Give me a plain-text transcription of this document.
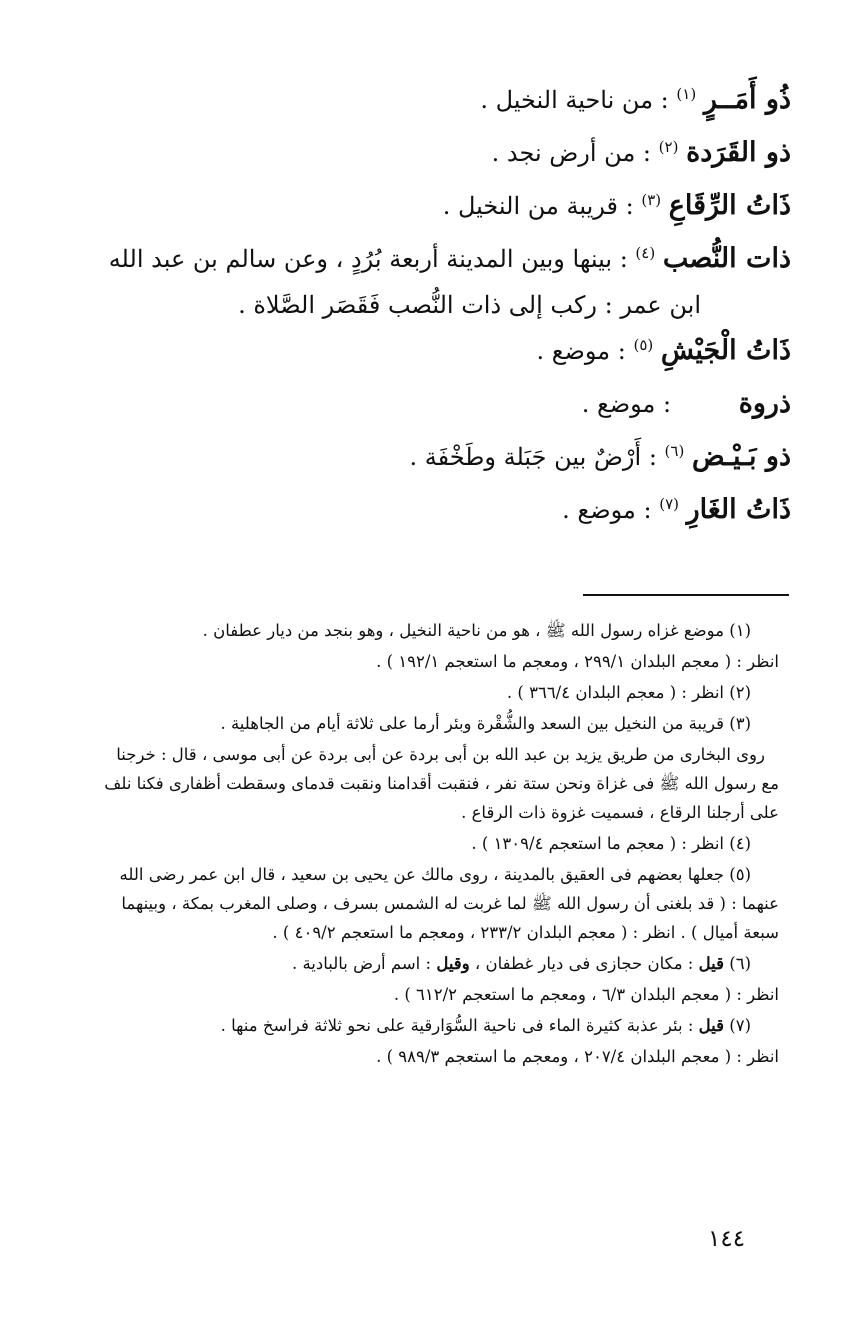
ذُو أَمَــرٍ $^{(١)}$ : من ناحية النخيل .
ذو القَرَدة $^{(٢)}$ : من أرض نجد .
ذَاتُ الرِّقَاعِ $^{(٣)}$ : قريبة من النخيل .
ذات النُّصب $^{(٤)}$ : بينها وبين المدينة أربعة بُرُدٍ ، وعن سالم بن عبد الله
ابن عمر : ركب إلى ذات النُّصب فَقَصَر الصَّلاة .
ذَاتُ الْجَيْشِ $^{(٥)}$ : موضع .
ذروة : موضع .
ذو بَـيْـض $^{(٦)}$ : أَرْضٌ بين جَبَلة وطَخْفَة .
ذَاتُ الغَارِ $^{(٧)}$ : موضع .
(١) موضع غزاه رسول الله ﷺ ، هو من ناحية النخيل ، وهو بنجد من ديار عطفان .
انظر : ( معجم البلدان ٢٩٩/١ ، ومعجم ما استعجم ١٩٢/١ ) .
(٢) انظر : ( معجم البلدان ٣٦٦/٤ ) .
(٣) قريبة من النخيل بين السعد والشُّقْرة وبئر أرما على ثلاثة أيام من الجاهلية .
روى البخارى من طريق يزيد بن عبد الله بن أبى بردة عن أبى بردة عن أبى موسى ، قال : خرجنا
مع رسول الله ﷺ فى غزاة ونحن ستة نفر ، فنقبت أقدامنا ونقبت قدماى وسقطت أظفارى فكنا نلف
على أرجلنا الرقاع ، فسميت غزوة ذات الرقاع .
(٤) انظر : ( معجم ما استعجم ١٣٠٩/٤ ) .
(٥) جعلها بعضهم فى العقيق بالمدينة ، روى مالك عن يحيى بن سعيد ، قال ابن عمر رضى الله
عنهما : ( قد بلغنى أن رسول الله ﷺ لما غربت له الشمس بسرف ، وصلى المغرب بمكة ، وبينهما
سبعة أميال ) . انظر : ( معجم البلدان ٢٣٣/٢ ، ومعجم ما استعجم ٤٠٩/٢ ) .
(٦) قيل : مكان حجازى فى ديار غطفان ، وقيل : اسم أرض بالبادية .
انظر : ( معجم البلدان ٦/٣ ، ومعجم ما استعجم ٦١٢/٢ ) .
(٧) قيل : بئر عذبة كثيرة الماء فى ناحية السُّوَارقية على نحو ثلاثة فراسخ منها .
انظر : ( معجم البلدان ٢٠٧/٤ ، ومعجم ما استعجم ٩٨٩/٣ ) .
١٤٤
